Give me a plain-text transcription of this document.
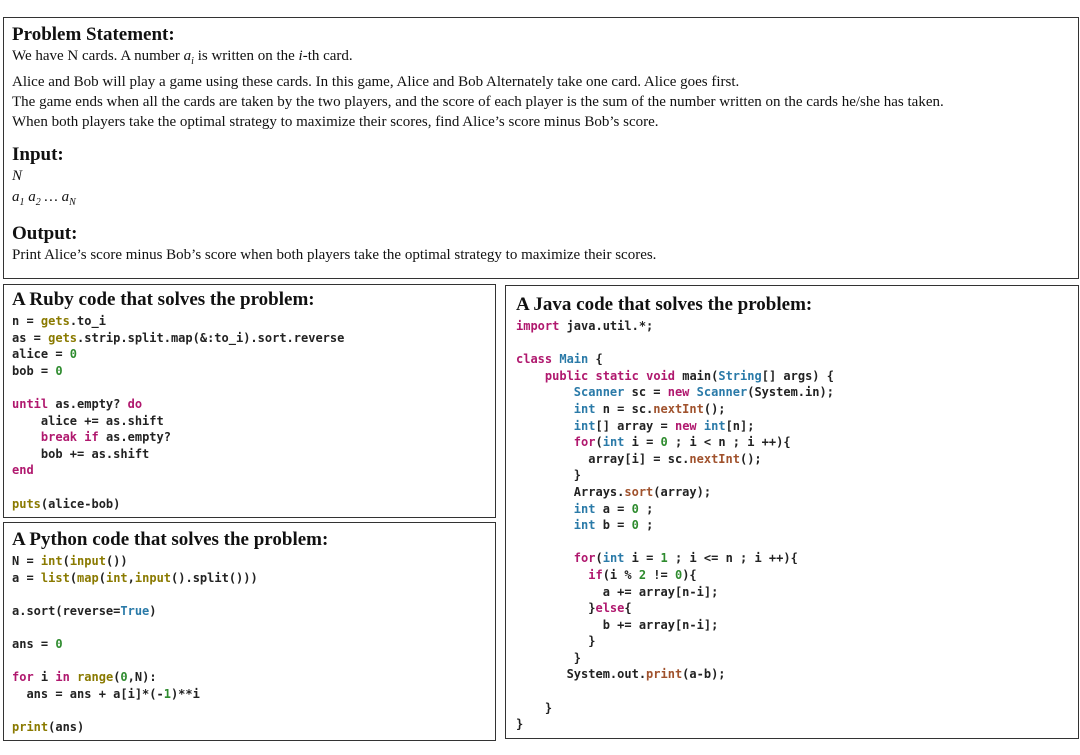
Problem Statement:
We have N cards. A number $a_i$ is written on the i-th card.
Alice and Bob will play a game using these cards. In this game, Alice and Bob Alternately take one card. Alice goes first.
The game ends when all the cards are taken by the two players, and the score of each player is the sum of the number written on the cards he/she has taken.
When both players take the optimal strategy to maximize their scores, find Alice’s score minus Bob’s score.
Input:
N
$a_1$ $a_2$ … $a_N$
Output:
Print Alice’s score minus Bob’s score when both players take the optimal strategy to maximize their scores.
A Ruby code that solves the problem:
n = gets.to_i
as = gets.strip.split.map(&:to_i).sort.reverse
alice = 0
bob = 0

until as.empty? do
alice += as.shift
break if as.empty?
bob += as.shift
end

puts(alice-bob)
A Python code that solves the problem:
N = int(input())
a = list(map(int,input().split()))

a.sort(reverse=True)

ans = 0

for i in range(0,N):
ans = ans + a[i]*(-1)**i

print(ans)
A Java code that solves the problem:
import java.util.*;

class Main {
public static void main(String[] args) {
Scanner sc = new Scanner(System.in);
int n = sc.nextInt();
int[] array = new int[n];
for(int i = 0 ; i < n ; i ++){
array[i] = sc.nextInt();
}
Arrays.sort(array);
int a = 0 ;
int b = 0 ;

for(int i = 1 ; i <= n ; i ++){
if(i % 2 != 0){
a += array[n-i];
}else{
b += array[n-i];
}
}
System.out.print(a-b);

}
}
